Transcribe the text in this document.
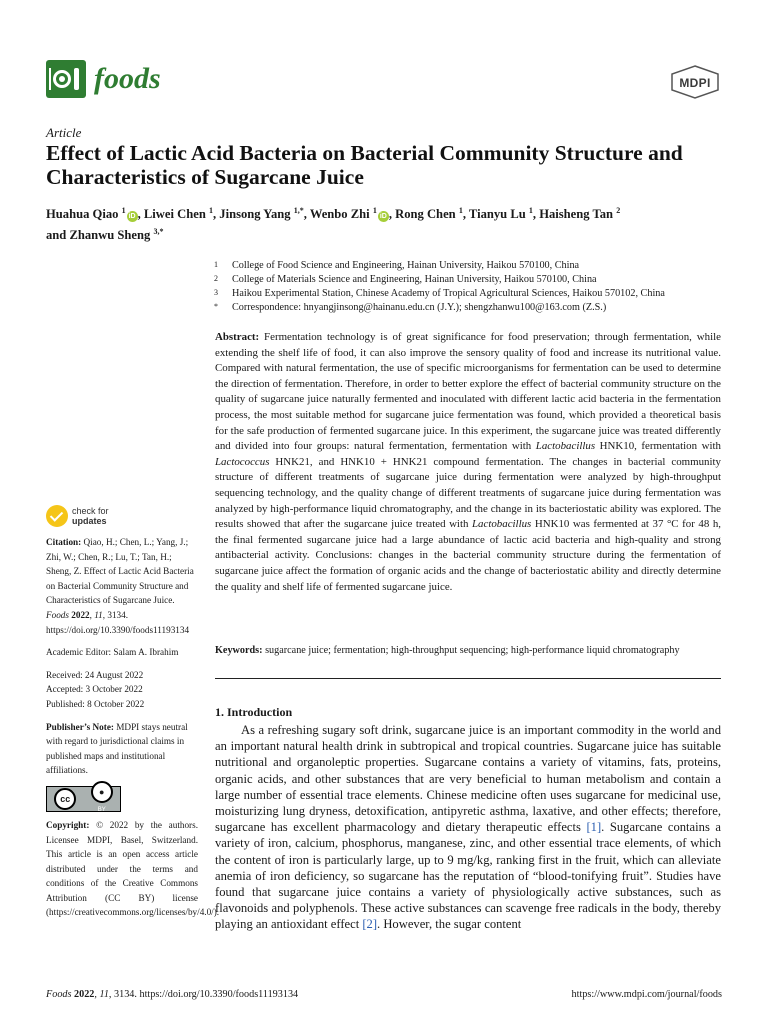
foods	MDPI
Article
Effect of Lactic Acid Bacteria on Bacterial Community Structure and Characteristics of Sugarcane Juice
Huahua Qiao $^1$iD , Liwei Chen $^1$, Jinsong Yang $^{1,*}$, Wenbo Zhi $^1$iD , Rong Chen $^1$, Tianyu Lu $^1$, Haisheng Tan $^2$
and Zhanwu Sheng $^{3,*}$
1	College of Food Science and Engineering, Hainan University, Haikou 570100, China
2	College of Materials Science and Engineering, Hainan University, Haikou 570100, China
3	Haikou Experimental Station, Chinese Academy of Tropical Agricultural Sciences, Haikou 570102, China
*	Correspondence: hnyangjinsong@hainanu.edu.cn (J.Y.); shengzhanwu100@163.com (Z.S.)
Abstract: Fermentation technology is of great significance for food preservation; through fermentation, while extending the shelf life of food, it can also improve the sensory quality of food and increase its nutritional value. Compared with natural fermentation, the use of specific microorganisms for fermentation can be used to determine the direction of fermentation. Therefore, in order to better explore the effect of bacterial community structure on the quality of sugarcane juice naturally fermented and inoculated with different lactic acid bacteria in the fermentation process, the most suitable method for sugarcane juice fermentation was found, which provided a theoretical basis for the safe production of fermented sugarcane juice. In this experiment, the sugarcane juice was treated differently and divided into four groups: natural fermentation, fermentation with Lactobacillus HNK10, fermentation with Lactococcus HNK21, and HNK10 + HNK21 compound fermentation. The changes in bacterial community structure of different treatments of sugarcane juice during fermentation were analyzed by high-throughput sequencing technology, and the quality change of different treatments of sugarcane juice during fermentation was analyzed by high-performance liquid chromatography, and the change in its bacteriostatic ability was explored. The results showed that after the sugarcane juice treated with Lactobacillus HNK10 was fermented at 37 °C for 48 h, the final fermented sugarcane juice had a large abundance of lactic acid bacteria and high-quality and strong antibacterial activity. Conclusions: changes in the bacterial community structure during the fermentation of sugarcane juice affect the formation of organic acids and the change of bacteriostatic ability and directly determine the quality and shelf life of fermented sugarcane juice.
Keywords: sugarcane juice; fermentation; high-throughput sequencing; high-performance liquid chromatography
1. Introduction
As a refreshing sugary soft drink, sugarcane juice is an important commodity in the world and an important natural health drink in subtropical and tropical countries. Sugarcane juice has suitable nutritional and organoleptic properties. Sugarcane contains a variety of vitamins, fats, proteins, organic acids, and other substances that are very beneficial to human metabolism and contain a large number of essential trace elements. Chinese medicine often uses sugarcane for medicinal use, moisturizing lung dryness, detoxification, antipyretic asthma, laxative, and other effects; therefore, sugarcane has excellent pharmacology and dietary therapeutic effects [1]. Sugarcane contains a variety of iron, calcium, phosphorus, manganese, zinc, and other essential trace elements, of which the content of iron is particularly large, up to 9 mg/kg, ranking first in the fruit, which can alleviate anemia of iron deficiency, so sugarcane has the reputation of “blood-tonifying fruit”. Studies have found that sugarcane juice contains a variety of physiologically active substances, such as flavonoids and polyphenols. These active substances can scavenge free radicals in the body, thereby playing an antioxidant effect [2]. However, the sugar content
check for
updates
Citation: Qiao, H.; Chen, L.; Yang, J.; Zhi, W.; Chen, R.; Lu, T.; Tan, H.; Sheng, Z. Effect of Lactic Acid Bacteria on Bacterial Community Structure and Characteristics of Sugarcane Juice. Foods 2022, 11, 3134. https://doi.org/10.3390/foods11193134
Academic Editor: Salam A. Ibrahim
Received: 24 August 2022
Accepted: 3 October 2022
Published: 8 October 2022
Publisher’s Note: MDPI stays neutral with regard to jurisdictional claims in published maps and institutional affiliations.
cc
●
BY
Copyright: © 2022 by the authors. Licensee MDPI, Basel, Switzerland. This article is an open access article distributed under the terms and conditions of the Creative Commons Attribution (CC BY) license (https://creativecommons.org/licenses/by/4.0/).
Foods 2022, 11, 3134. https://doi.org/10.3390/foods11193134	https://www.mdpi.com/journal/foods
